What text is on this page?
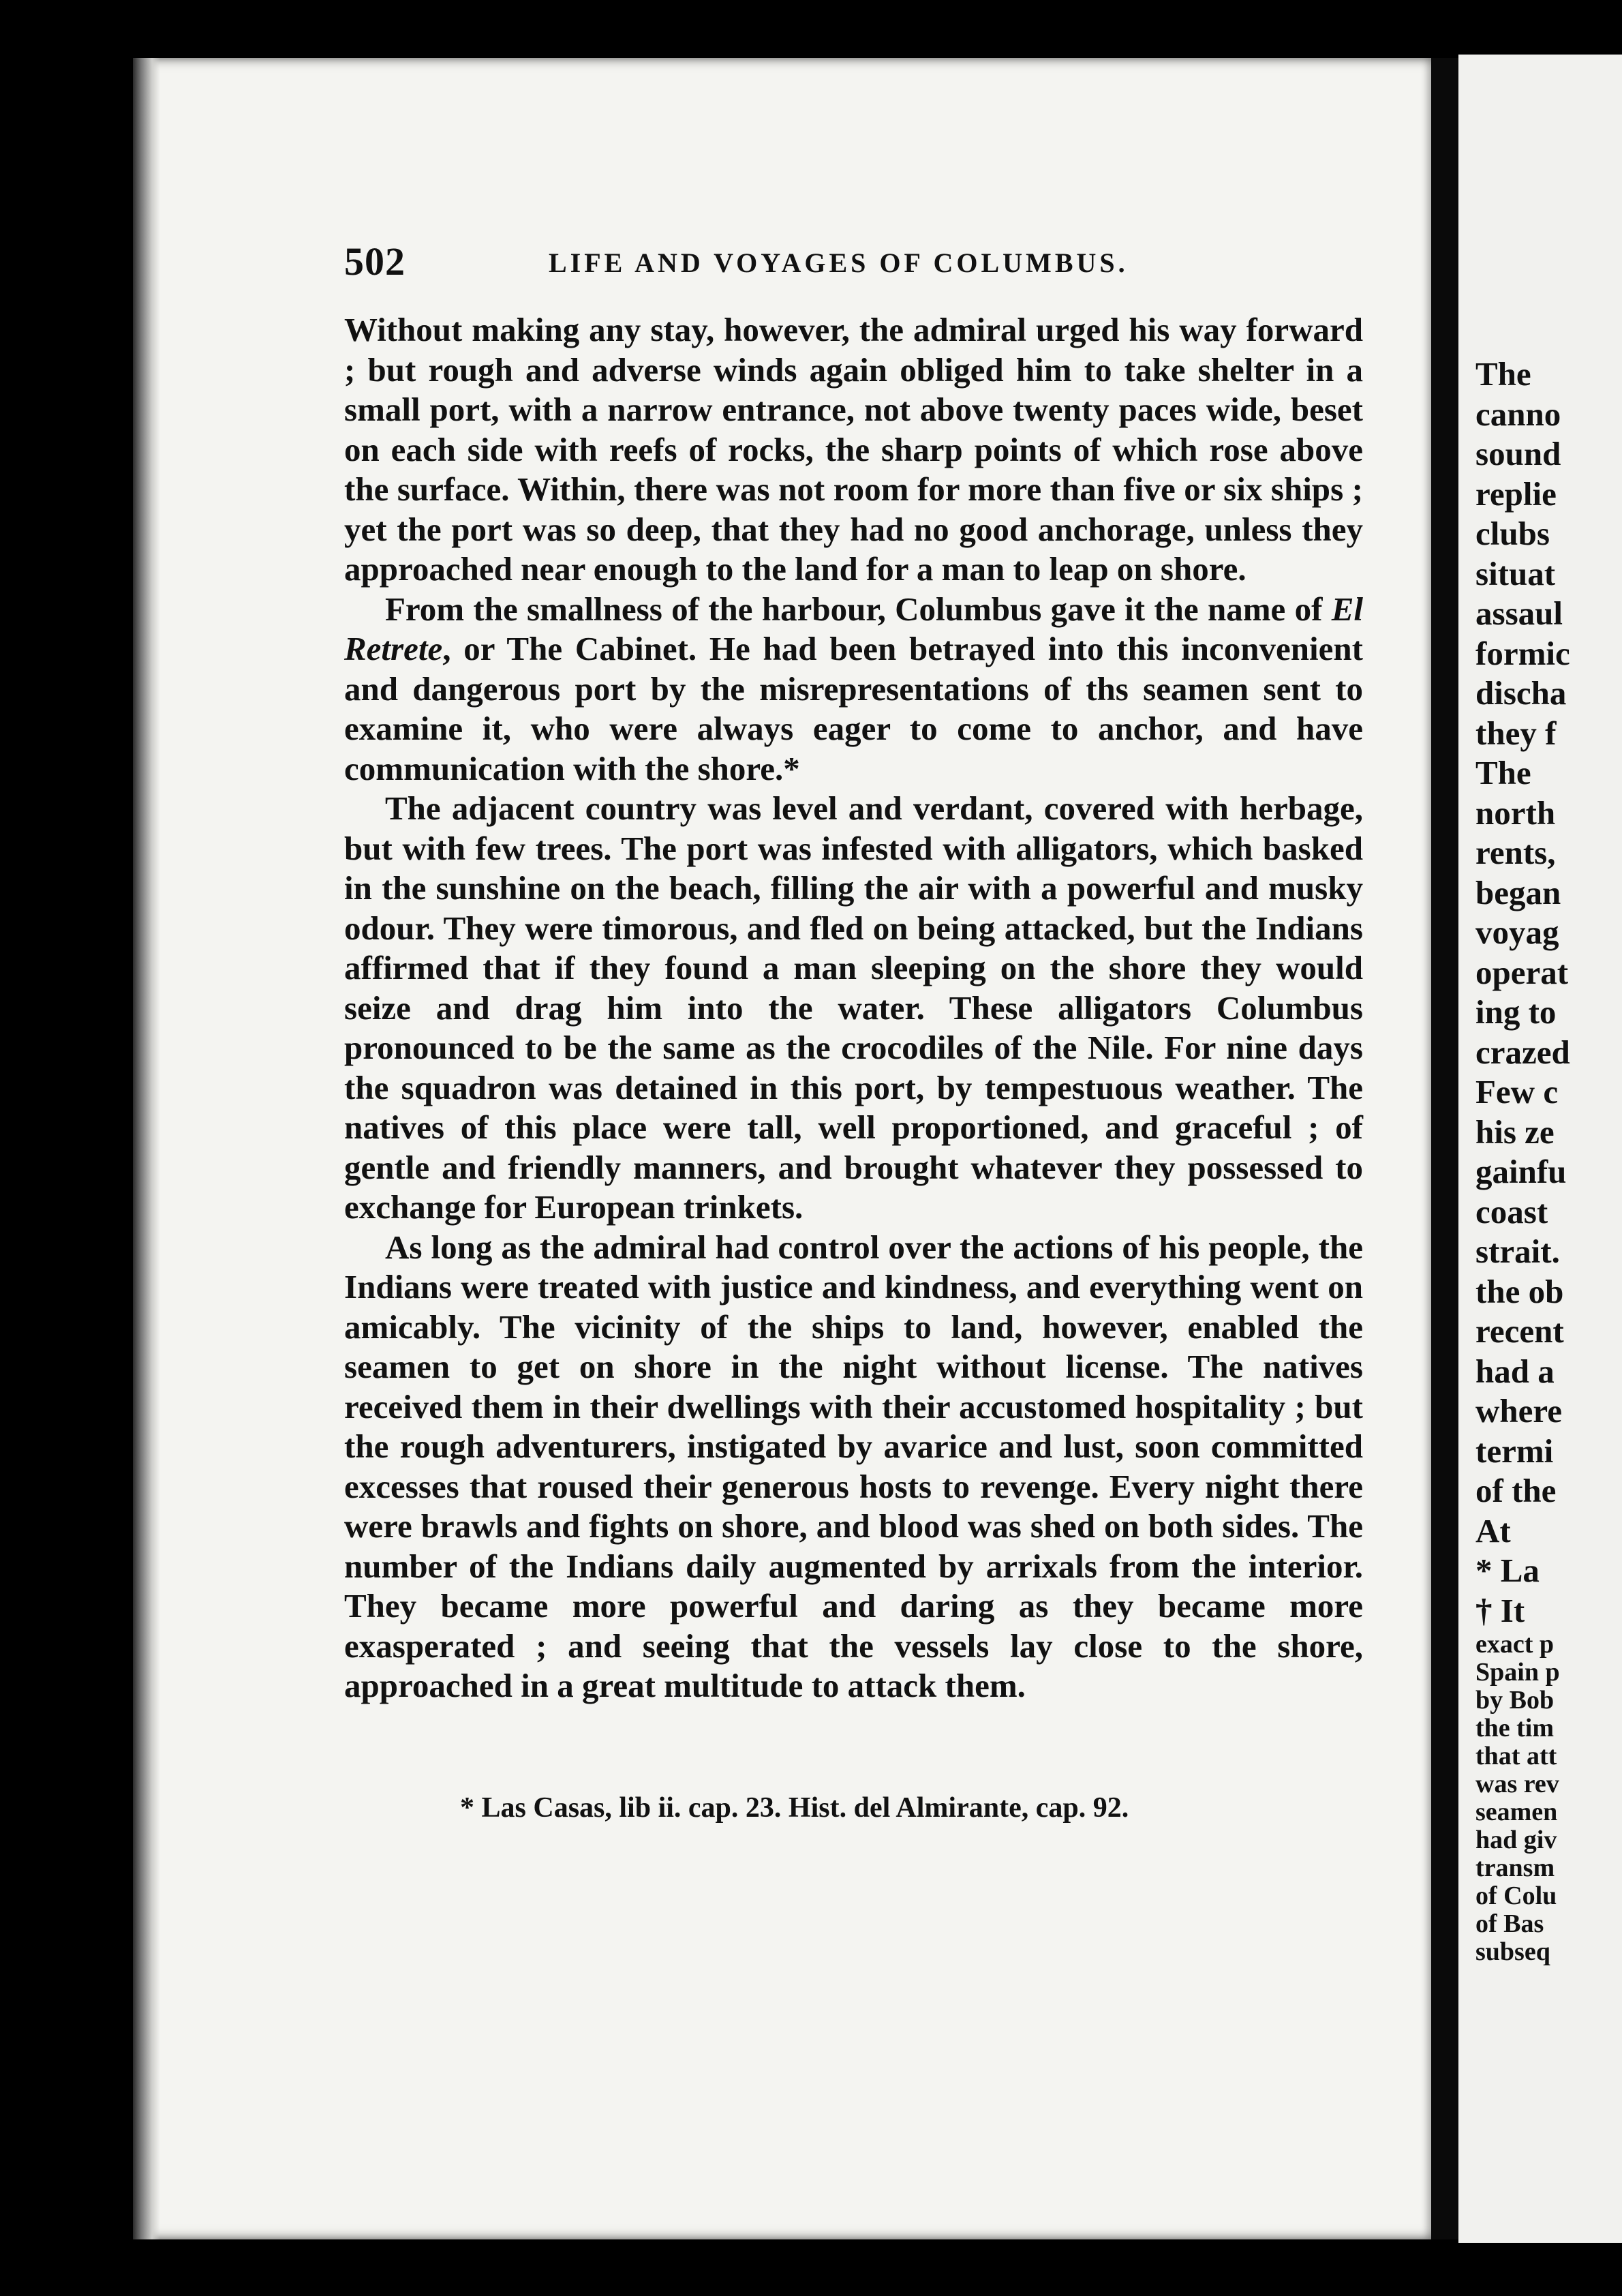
502	LIFE AND VOYAGES OF COLUMBUS.

Without making any stay, however, the admiral urged his way forward ; but rough and adverse winds again obliged him to take shelter in a small port, with a narrow entrance, not above twenty paces wide, beset on each side with reefs of rocks, the sharp points of which rose above the surface. Within, there was not room for more than five or six ships ; yet the port was so deep, that they had no good anchorage, unless they approached near enough to the land for a man to leap on shore.

From the smallness of the harbour, Columbus gave it the name of El Retrete, or The Cabinet. He had been betrayed into this inconvenient and dangerous port by the misrepresentations of ths seamen sent to examine it, who were always eager to come to anchor, and have communication with the shore.*

The adjacent country was level and verdant, covered with herbage, but with few trees. The port was infested with alligators, which basked in the sunshine on the beach, filling the air with a powerful and musky odour. They were timorous, and fled on being attacked, but the Indians affirmed that if they found a man sleeping on the shore they would seize and drag him into the water. These alligators Columbus pronounced to be the same as the crocodiles of the Nile. For nine days the squadron was detained in this port, by tempestuous weather. The natives of this place were tall, well proportioned, and graceful ; of gentle and friendly manners, and brought whatever they possessed to exchange for European trinkets.

As long as the admiral had control over the actions of his people, the Indians were treated with justice and kindness, and everything went on amicably. The vicinity of the ships to land, however, enabled the seamen to get on shore in the night without license. The natives received them in their dwellings with their accustomed hospitality ; but the rough adventurers, instigated by avarice and lust, soon committed excesses that roused their generous hosts to revenge. Every night there were brawls and fights on shore, and blood was shed on both sides. The number of the Indians daily augmented by arrixals from the interior. They became more powerful and daring as they became more exasperated ; and seeing that the vessels lay close to the shore, approached in a great multitude to attack them.

* Las Casas, lib ii. cap. 23. Hist. del Almirante, cap. 92.
The
canno
sound
replie
clubs
situat
assaul
formic
discha
they f
The
north
rents,
began
voyag
operat
ing to
crazed
Few c
his ze
gainfu
coast
strait.
the ob
recent
had a
where
termi
of the
At
* La
† It
exact p
Spain p
by Bob
the tim
that att
was rev
seamen
had giv
transm
of Colu
of Bas
subseq
